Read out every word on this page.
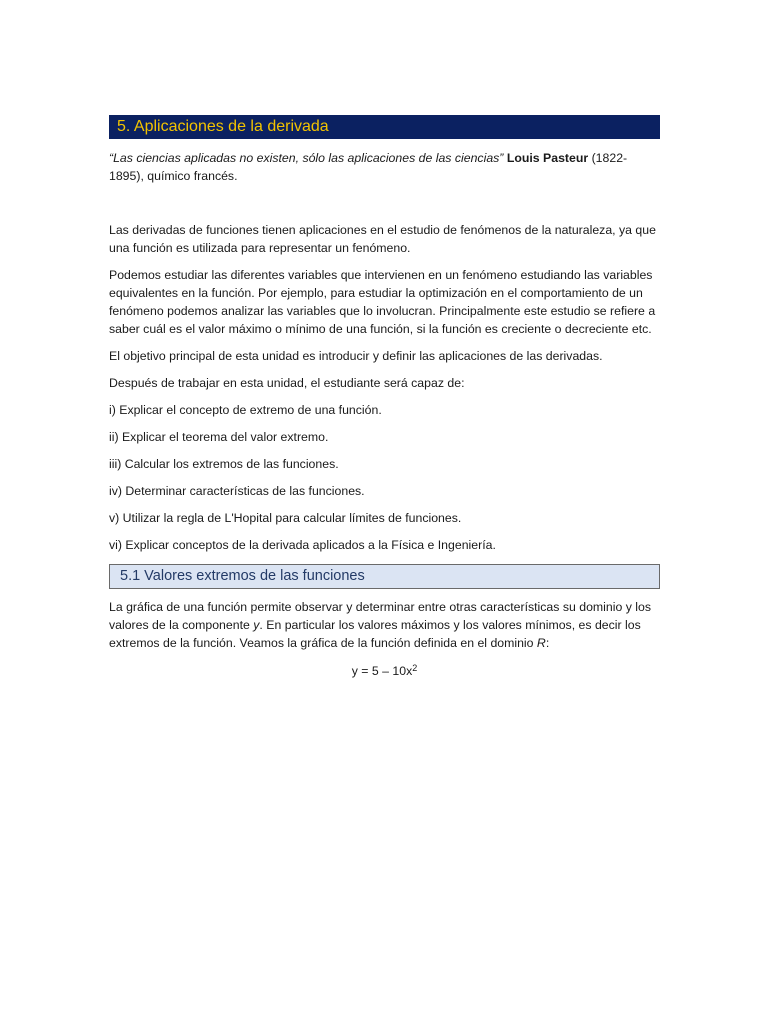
5. Aplicaciones de la derivada
“Las ciencias aplicadas no existen, sólo las aplicaciones de las ciencias” Louis Pasteur (1822-1895), químico francés.

Las derivadas de funciones tienen aplicaciones en el estudio de fenómenos de la naturaleza, ya que una función es utilizada para representar un fenómeno.

Podemos estudiar las diferentes variables que intervienen en un fenómeno estudiando las variables equivalentes en la función. Por ejemplo, para estudiar la optimización en el comportamiento de un fenómeno podemos analizar las variables que lo involucran. Principalmente este estudio se refiere a saber cuál es el valor máximo o mínimo de una función, si la función es creciente o decreciente etc.

El objetivo principal de esta unidad es introducir y definir las aplicaciones de las derivadas.

Después de trabajar en esta unidad, el estudiante será capaz de:

i) Explicar el concepto de extremo de una función.

ii) Explicar el teorema del valor extremo.

iii) Calcular los extremos de las funciones.

iv) Determinar características de las funciones.

v) Utilizar la regla de L'Hopital para calcular límites de funciones.

vi) Explicar conceptos de la derivada aplicados a la Física e Ingeniería.

5.1 Valores extremos de las funciones

La gráfica de una función permite observar y determinar entre otras características su dominio y los valores de la componente y. En particular los valores máximos y los valores mínimos, es decir los extremos de la función. Veamos la gráfica de la función definida en el dominio R:

$y = 5 - 10x^2$
